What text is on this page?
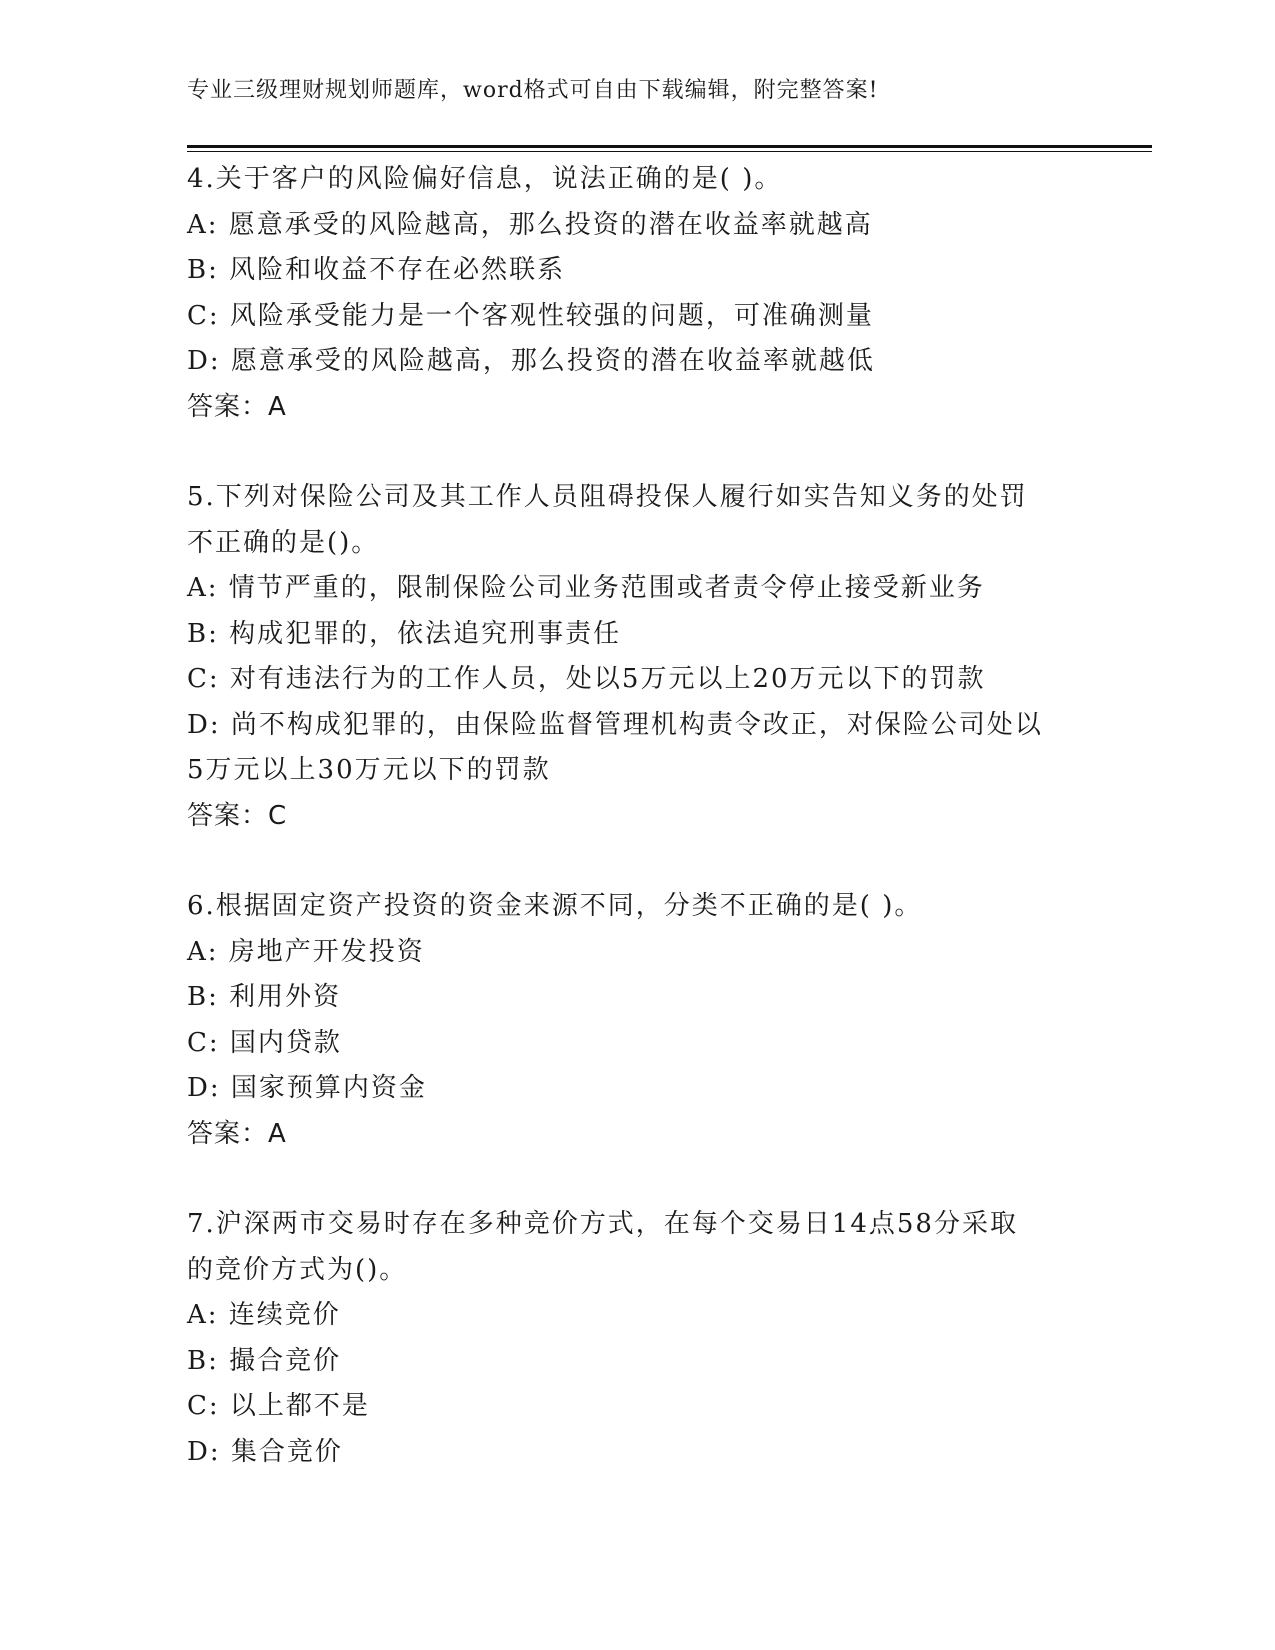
专业三级理财规划师题库，word格式可自由下载编辑，附完整答案!
4.关于客户的风险偏好信息，说法正确的是( )。
A: 愿意承受的风险越高，那么投资的潜在收益率就越高
B: 风险和收益不存在必然联系
C: 风险承受能力是一个客观性较强的问题，可准确测量
D: 愿意承受的风险越高，那么投资的潜在收益率就越低
答案：A
5.下列对保险公司及其工作人员阻碍投保人履行如实告知义务的处罚
不正确的是()。
A: 情节严重的，限制保险公司业务范围或者责令停止接受新业务
B: 构成犯罪的，依法追究刑事责任
C: 对有违法行为的工作人员，处以5万元以上20万元以下的罚款
D: 尚不构成犯罪的，由保险监督管理机构责令改正，对保险公司处以
5万元以上30万元以下的罚款
答案：C
6.根据固定资产投资的资金来源不同，分类不正确的是( )。
A: 房地产开发投资
B: 利用外资
C: 国内贷款
D: 国家预算内资金
答案：A
7.沪深两市交易时存在多种竞价方式，在每个交易日14点58分采取
的竞价方式为()。
A: 连续竞价
B: 撮合竞价
C: 以上都不是
D: 集合竞价
